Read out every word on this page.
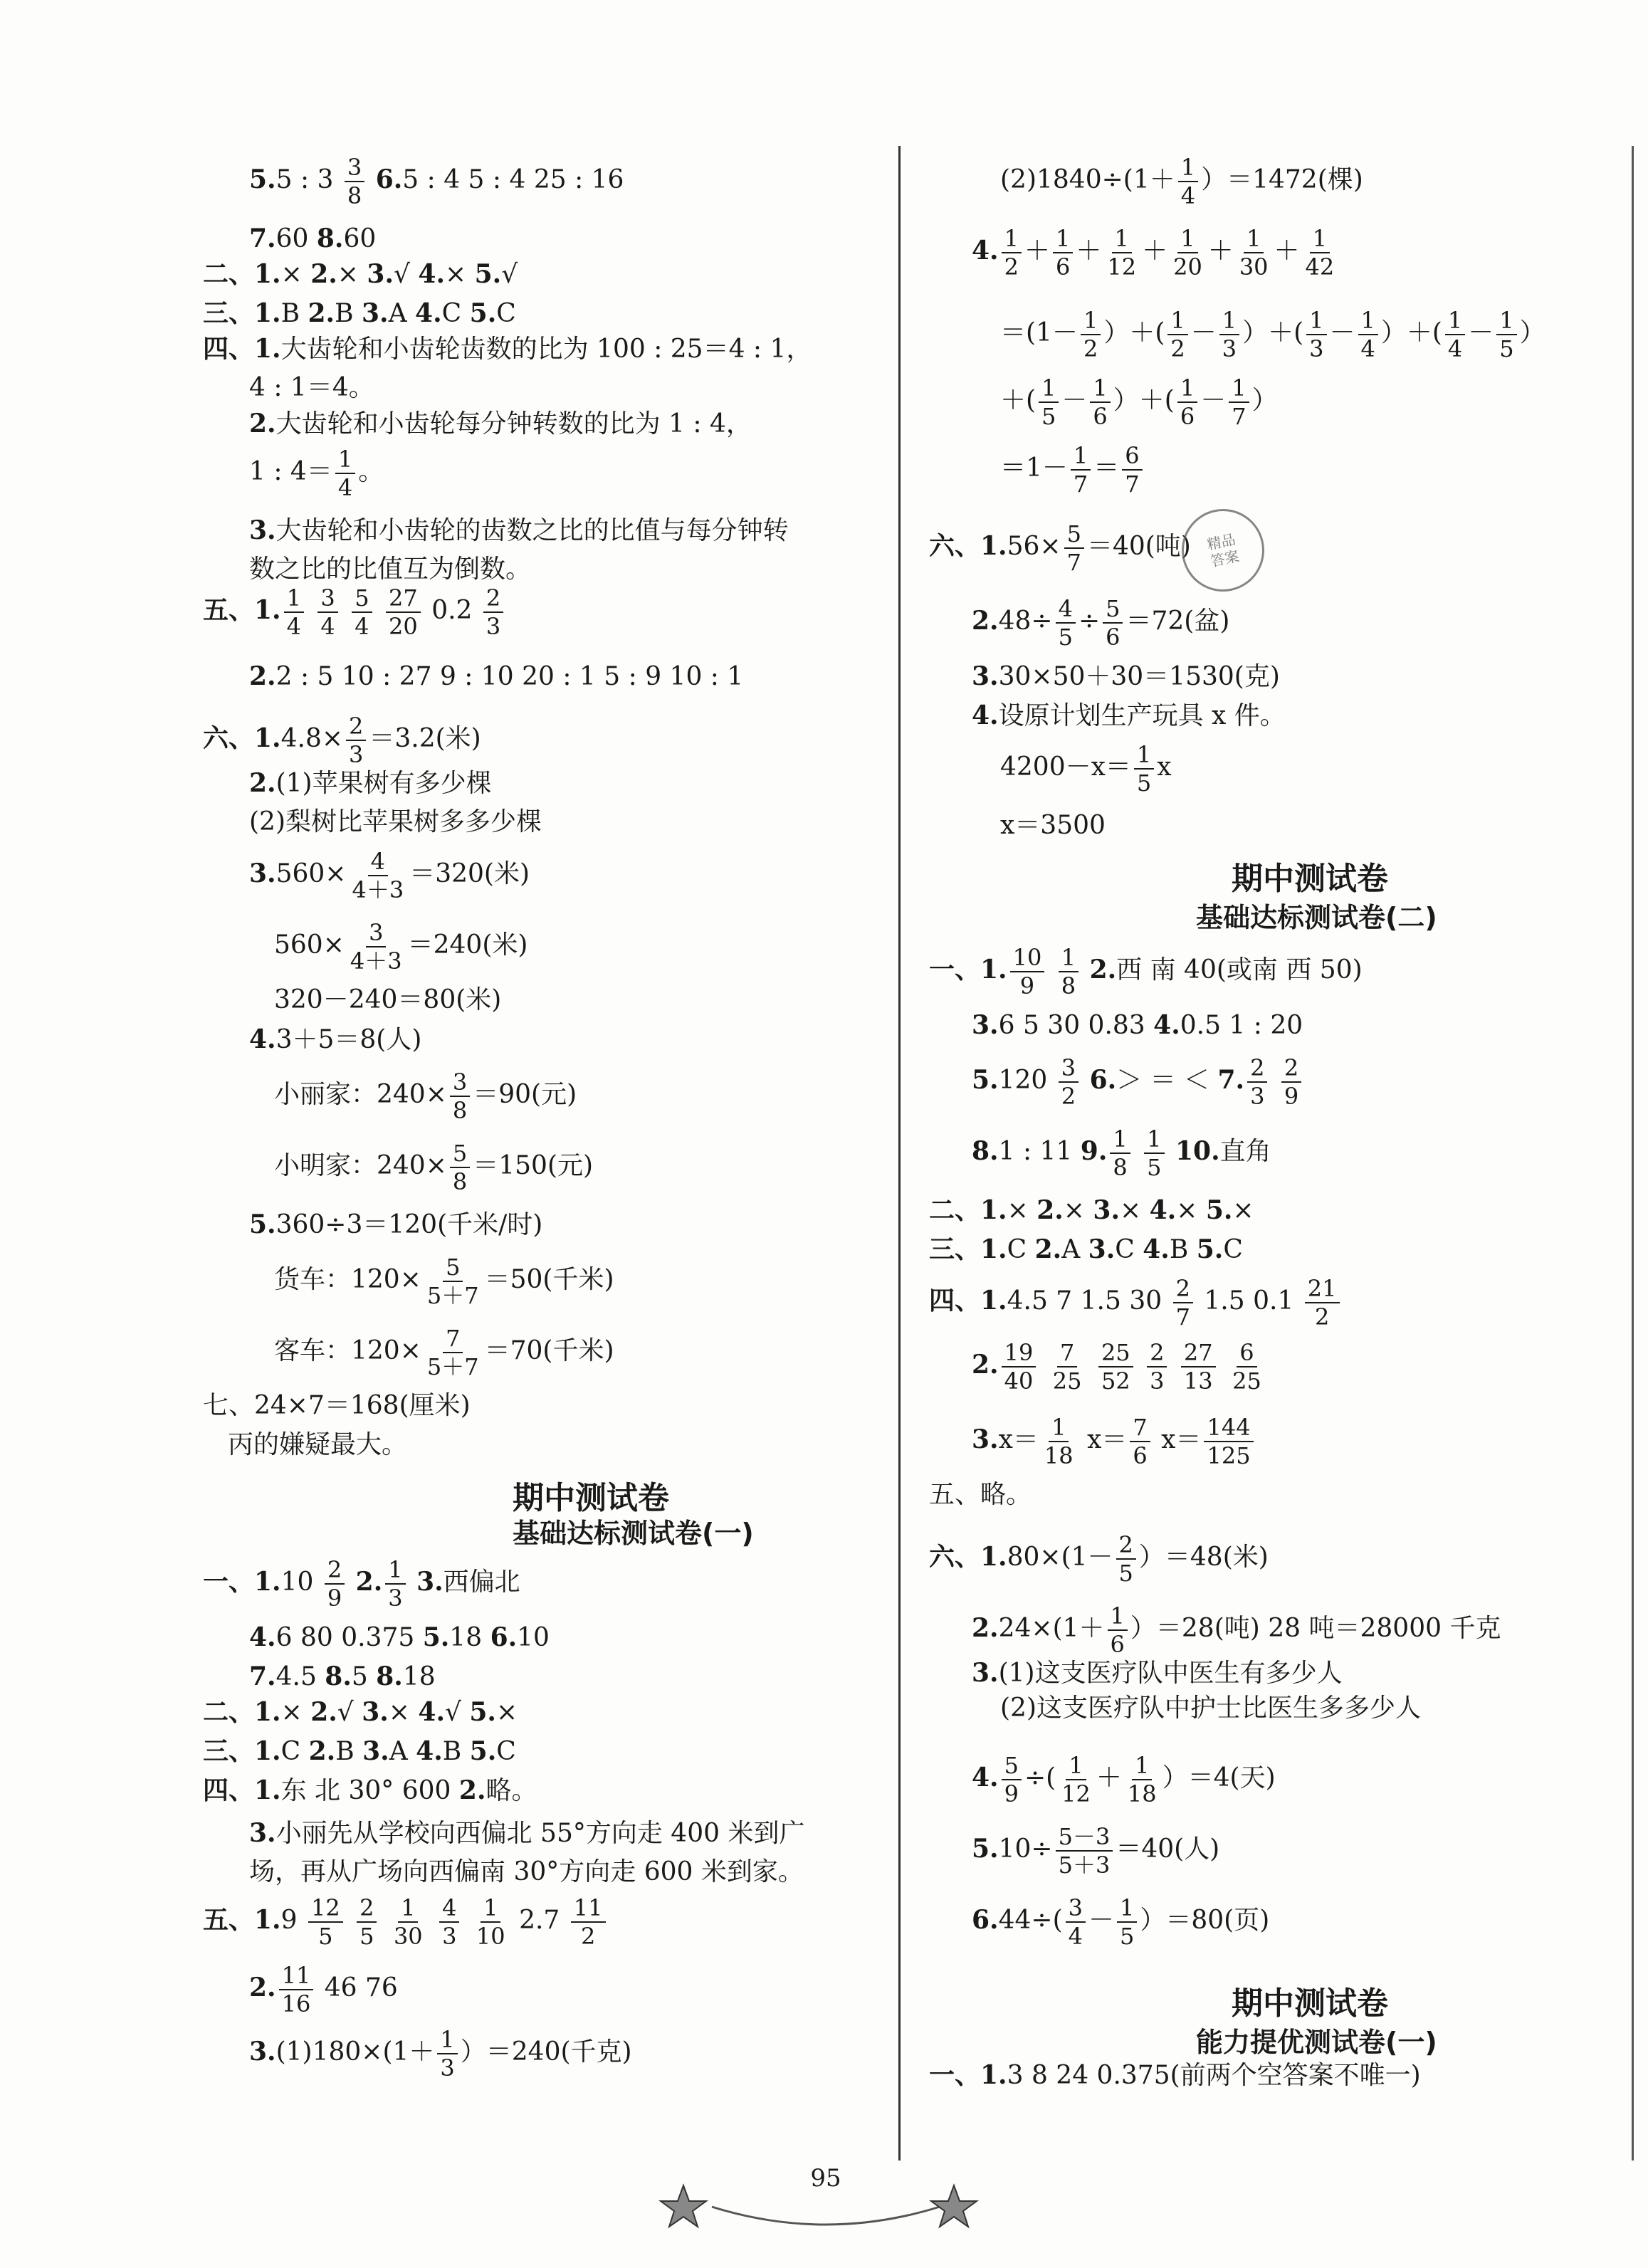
5.5 : $3 \frac{3}{8} 6.5$ : 4 5 : 4 25 : 16
7.60 8.60
二、1.× 2.× 3.√ 4.× 5.√
三、1.B 2.B 3.A 4.C 5.C
四、1.大齿轮和小齿轮齿数的比为 100 : 25＝4 : 1，
4 : 1＝4。
2.大齿轮和小齿轮每分钟转数的比为 1 : 4，
1 : $4= \frac{1}{4}$ 。
3.大齿轮和小齿轮的齿数之比的比值与每分钟转
数之比的比值互为倒数。
五、1. $\frac{1}{4}$
$\frac{3}{4}$
$\frac{5}{4}$
$\frac{27}{20} 0.2 \frac{2}{3}$
2.2 : 5 10 : 27 9 : 10 20 : 1 5 : 9 10 : 1
六、$1.4.8\times \frac{2}{3} =3.2$(米)
2.(1)苹果树有多少棵
(2)梨树比苹果树多多少棵
$3.560\times \frac{4}{4+3} =320$(米)
$560\times \frac{3}{4+3} =240$(米)
320－240＝80(米)
4.3＋5＝8(人)
小丽家：$240\times \frac{3}{8} =90$(元)
小明家：$240\times \frac{5}{8} =150$(元)
5.360÷3＝120(千米/时)
货车：$120\times \frac{5}{5+7} =50$(千米)
客车：$120\times \frac{7}{5+7} =70$(千米)
七、24×7＝168(厘米)
丙的嫌疑最大。
期中测试卷
基础达标测试卷(一)
一、$1.10 \frac{2}{9} 2$. $\frac{1}{3} 3$.西偏北
4.6 80 0.375 5.18 6.10
7.4.5 8.5 8.18
二、1.× 2.√ 3.× 4.√ 5.×
三、1.C 2.B 3.A 4.B 5.C
四、1.东 北 30° 600 2.略。
3.小丽先从学校向西偏北 55°方向走 400 米到广
场，再从广场向西偏南 30°方向走 600 米到家。
五、$1.9 \frac{12}{5}$
$\frac{2}{5}$
$\frac{1}{30}$
$\frac{4}{3}$
$\frac{1}{10} 2.7 \frac{11}{2}$
2. $\frac{11}{16} 46$ 76
$3.(1)180\times(1+ \frac{1}{3} )=240$(千克)
$(2)1840\div(1+ \frac{1}{4} )=1472$(棵)
4. $\frac{1}{2} + \frac{1}{6} + \frac{1}{12} + \frac{1}{20} + \frac{1}{30} + \frac{1}{42}$
$=(1- \frac{1}{2}$ ）＋( $\frac{1}{2} - \frac{1}{3}$ ）＋( $\frac{1}{3} - \frac{1}{4}$ ）＋( $\frac{1}{4} - \frac{1}{5}$ ）
＋( $\frac{1}{5} - \frac{1}{6}$ ）＋( $\frac{1}{6} - \frac{1}{7}$ ）
$=1- \frac{1}{7} = \frac{6}{7}$
六、$1.56\times \frac{5}{7} =40$(吨)
$2.48\div \frac{4}{5} \div \frac{5}{6} =72$(盆)
3.30×50＋30＝1530(克)
4.设原计划生产玩具 x 件。
$4200-x= \frac{1}{5}$ x
x＝3500
期中测试卷
基础达标测试卷(二)
一、1. $\frac{10}{9}$
$\frac{1}{8} 2$.西 南 40(或南 西 50)
3.6 5 30 0.83 4.0.5 1 : 20
$5.120 \frac{3}{2} 6.>$ ＝ ＜ 7. $\frac{2}{3}$
$\frac{2}{9}$
8.1 : 11 9. $\frac{1}{8}$
$\frac{1}{5} 10$.直角
二、1.× 2.× 3.× 4.× 5.×
三、1.C 2.A 3.C 4.B 5.C
四、1.4.5 7 1.5 $30 \frac{2}{7} 1.5$ $0.1 \frac{21}{2}$
2. $\frac{19}{40}$
$\frac{7}{25}$
$\frac{25}{52}$
$\frac{2}{3}$
$\frac{27}{13}$
$\frac{6}{25}$
$3.x= \frac{1}{18} x= \frac{7}{6} x= \frac{144}{125}$
五、略。
六、$1.80\times(1- \frac{2}{5} )=48$(米)
$2.24\times(1+ \frac{1}{6} )=28$(吨) 28 吨＝28000 千克
3.(1)这支医疗队中医生有多少人
(2)这支医疗队中护士比医生多多少人
4. $\frac{5}{9}$ ÷( $\frac{1}{12} + \frac{1}{18} )=4$(天)
$5.10\div \frac{5-3}{5+3} =40$(人)
$6.44\div( \frac{3}{4} - \frac{1}{5} )=80$(页)
期中测试卷
能力提优测试卷(一)
一、1.3 8 24 0.375(前两个空答案不唯一)
精品
答案
95
